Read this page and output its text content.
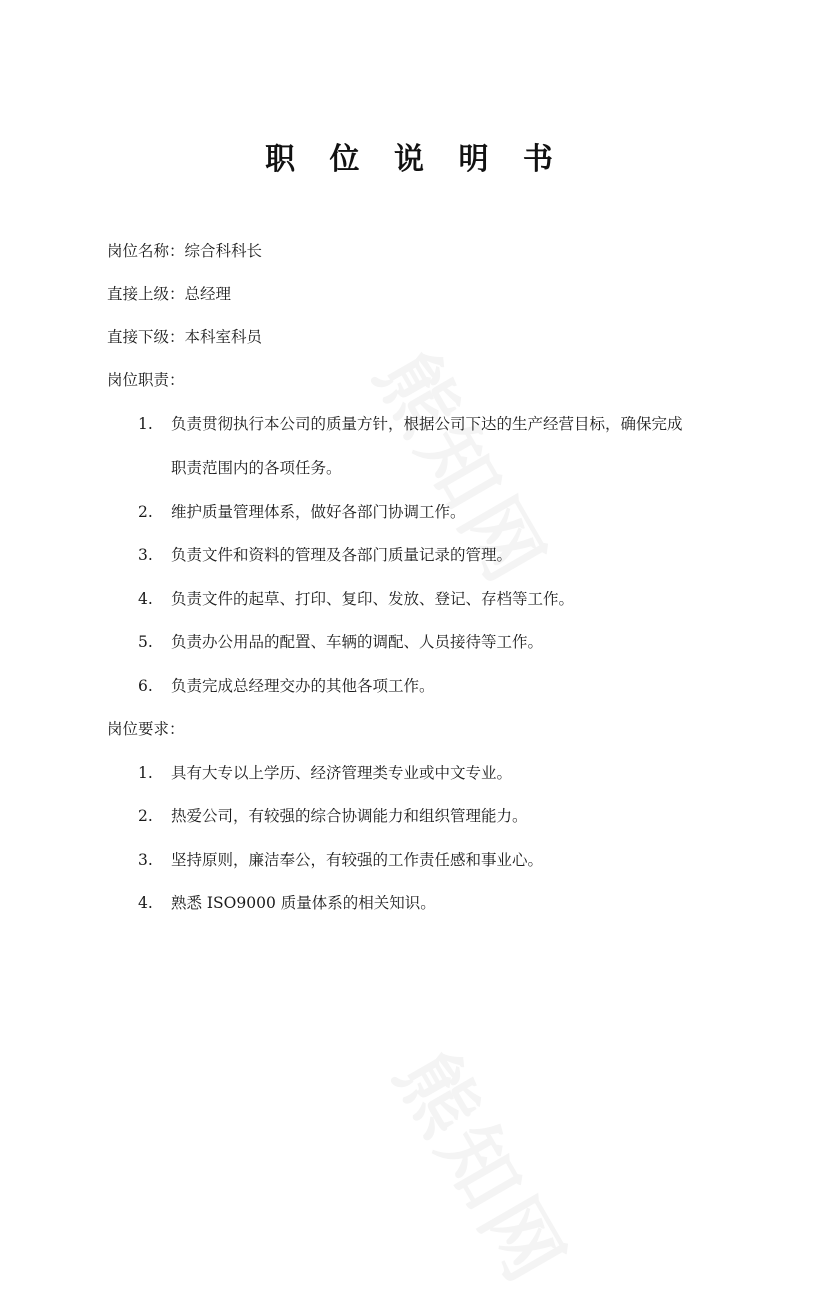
职 位 说 明 书
岗位名称：综合科科长
直接上级：总经理
直接下级：本科室科员
岗位职责：
1. 负责贯彻执行本公司的质量方针，根据公司下达的生产经营目标，确保完成
职责范围内的各项任务。
2. 维护质量管理体系，做好各部门协调工作。
3. 负责文件和资料的管理及各部门质量记录的管理。
4. 负责文件的起草、打印、复印、发放、登记、存档等工作。
5. 负责办公用品的配置、车辆的调配、人员接待等工作。
6. 负责完成总经理交办的其他各项工作。
岗位要求：
1. 具有大专以上学历、经济管理类专业或中文专业。
2. 热爱公司，有较强的综合协调能力和组织管理能力。
3. 坚持原则，廉洁奉公，有较强的工作责任感和事业心。
4. 熟悉 ISO9000 质量体系的相关知识。
